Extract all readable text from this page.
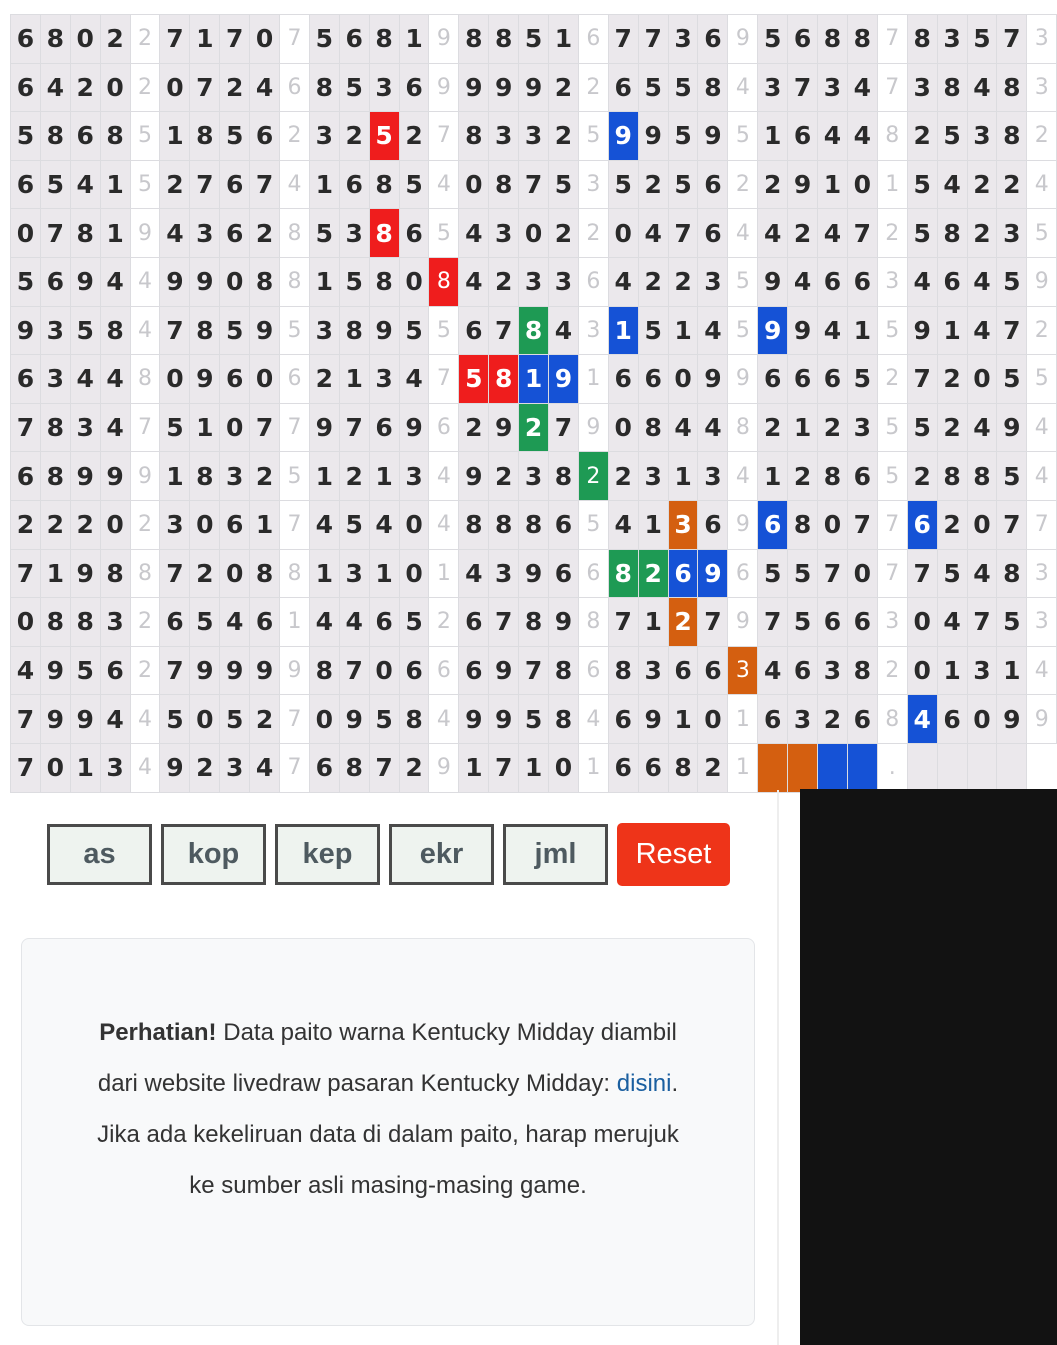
6 8 0 2 2 7 1 7 0 7 5 6 8 1 9 8 8 5 1 6 7 7 3 6 9 5 6 8 8 7 8 3 5 7 3
6 4 2 0 2 0 7 2 4 6 8 5 3 6 9 9 9 9 2 2 6 5 5 8 4 3 7 3 4 7 3 8 4 8 3
5 8 6 8 5 1 8 5 6 2 3 2 5 2 7 8 3 3 2 5 9 9 5 9 5 1 6 4 4 8 2 5 3 8 2
6 5 4 1 5 2 7 6 7 4 1 6 8 5 4 0 8 7 5 3 5 2 5 6 2 2 9 1 0 1 5 4 2 2 4
0 7 8 1 9 4 3 6 2 8 5 3 8 6 5 4 3 0 2 2 0 4 7 6 4 4 2 4 7 2 5 8 2 3 5
5 6 9 4 4 9 9 0 8 8 1 5 8 0 8 4 2 3 3 6 4 2 2 3 5 9 4 6 6 3 4 6 4 5 9
9 3 5 8 4 7 8 5 9 5 3 8 9 5 5 6 7 8 4 3 1 5 1 4 5 9 9 4 1 5 9 1 4 7 2
6 3 4 4 8 0 9 6 0 6 2 1 3 4 7 5 8 1 9 1 6 6 0 9 9 6 6 6 5 2 7 2 0 5 5
7 8 3 4 7 5 1 0 7 7 9 7 6 9 6 2 9 2 7 9 0 8 4 4 8 2 1 2 3 5 5 2 4 9 4
6 8 9 9 9 1 8 3 2 5 1 2 1 3 4 9 2 3 8 2 2 3 1 3 4 1 2 8 6 5 2 8 8 5 4
2 2 2 0 2 3 0 6 1 7 4 5 4 0 4 8 8 8 6 5 4 1 3 6 9 6 8 0 7 7 6 2 0 7 7
7 1 9 8 8 7 2 0 8 8 1 3 1 0 1 4 3 9 6 6 8 2 6 9 6 5 5 7 0 7 7 5 4 8 3
0 8 8 3 2 6 5 4 6 1 4 4 6 5 2 6 7 8 9 8 7 1 2 7 9 7 5 6 6 3 0 4 7 5 3
4 9 5 6 2 7 9 9 9 9 8 7 0 6 6 6 9 7 8 6 8 3 6 6 3 4 6 3 8 2 0 1 3 1 4
7 9 9 4 4 5 0 5 2 7 0 9 5 8 4 9 9 5 8 4 6 9 1 0 1 6 3 2 6 8 4 6 0 9 9
7 0 1 3 4 9 2 3 4 7 6 8 7 2 9 1 7 1 0 1 6 6 8 2 1	.
as	kop	kep	ekr	jml	Reset
Perhatian! Data paito warna Kentucky Midday diambil dari website livedraw pasaran Kentucky Midday: disini. Jika ada kekeliruan data di dalam paito, harap merujuk ke sumber asli masing-masing game.
